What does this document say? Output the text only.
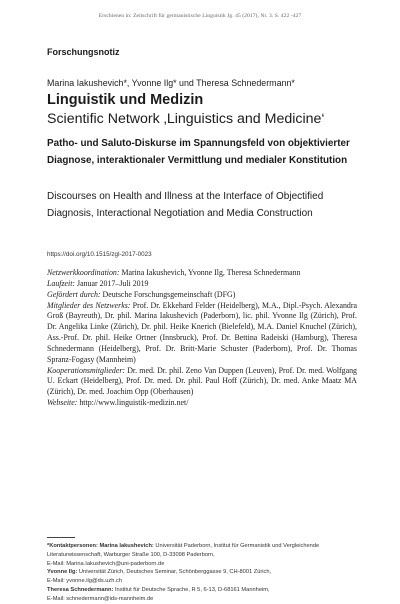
Erschienen in: Zeitschrift für germanistische Linguistik Jg. 45 (2017), Nr. 3. S. 422 -427
Forschungsnotiz
Marina Iakushevich*, Yvonne Ilg* und Theresa Schnedermann*
Linguistik und Medizin
Scientific Network ‚Linguistics and Medicine‘
Patho- und Saluto-Diskurse im Spannungsfeld von objektivierter Diagnose, interaktionaler Vermittlung und medialer Konstitution
Discourses on Health and Illness at the Interface of Objectified Diagnosis, Interactional Negotiation and Media Construction
https://doi.org/10.1515/zgl-2017-0023

Netzwerkkoordination: Marina Iakushevich, Yvonne Ilg, Theresa Schnedermann

Laufzeit: Januar 2017–Juli 2019

Gefördert durch: Deutsche Forschungsgemeinschaft (DFG)

Mitglieder des Netzwerks: Prof. Dr. Ekkehard Felder (Heidelberg), M.A., Dipl.-Psych. Alexandra Groß (Bayreuth), Dr. phil. Marina Iakushevich (Paderborn), lic. phil. Yvonne Ilg (Zürich), Prof. Dr. Angelika Linke (Zürich), Dr. phil. Heike Knerich (Bielefeld), M.A. Daniel Knuchel (Zürich), Ass.-Prof. Dr. phil. Heike Ortner (Innsbruck), Prof. Dr. Bettina Radeiski (Hamburg), Theresa Schnedermann (Heidelberg), Prof. Dr. Britt-Marie Schuster (Paderborn), Prof. Dr. Thomas Spranz-Fogasy (Mannheim)

Kooperationsmitglieder: Dr. med. Dr. phil. Zeno Van Duppen (Leuven), Prof. Dr. med. Wolfgang U. Eckart (Heidelberg), Prof. Dr. med. Dr. phil. Paul Hoff (Zürich), Dr. med. Anke Maatz MA (Zürich), Dr. med. Joachim Opp (Oberhausen)

Webseite: http://www.linguistik-medizin.net/

*Kontaktpersonen: Marina Iakushevich: Universität Paderborn, Institut für Germanistik und Vergleichende Literaturwissenschaft, Warburger Straße 100, D-33098 Paderborn,

E-Mail: Marina.Iakushevich@uni-paderborn.de

Yvonne Ilg: Universität Zürich, Deutsches Seminar, Schönberggasse 9, CH-8001 Zürich,

E-Mail: yvonne.ilg@ds.uzh.ch

Theresa Schnedermann: Institut für Deutsche Sprache, R 5, 6-13, D-68161 Mannheim,

E-Mail: schnedermann@ids-mannheim.de
